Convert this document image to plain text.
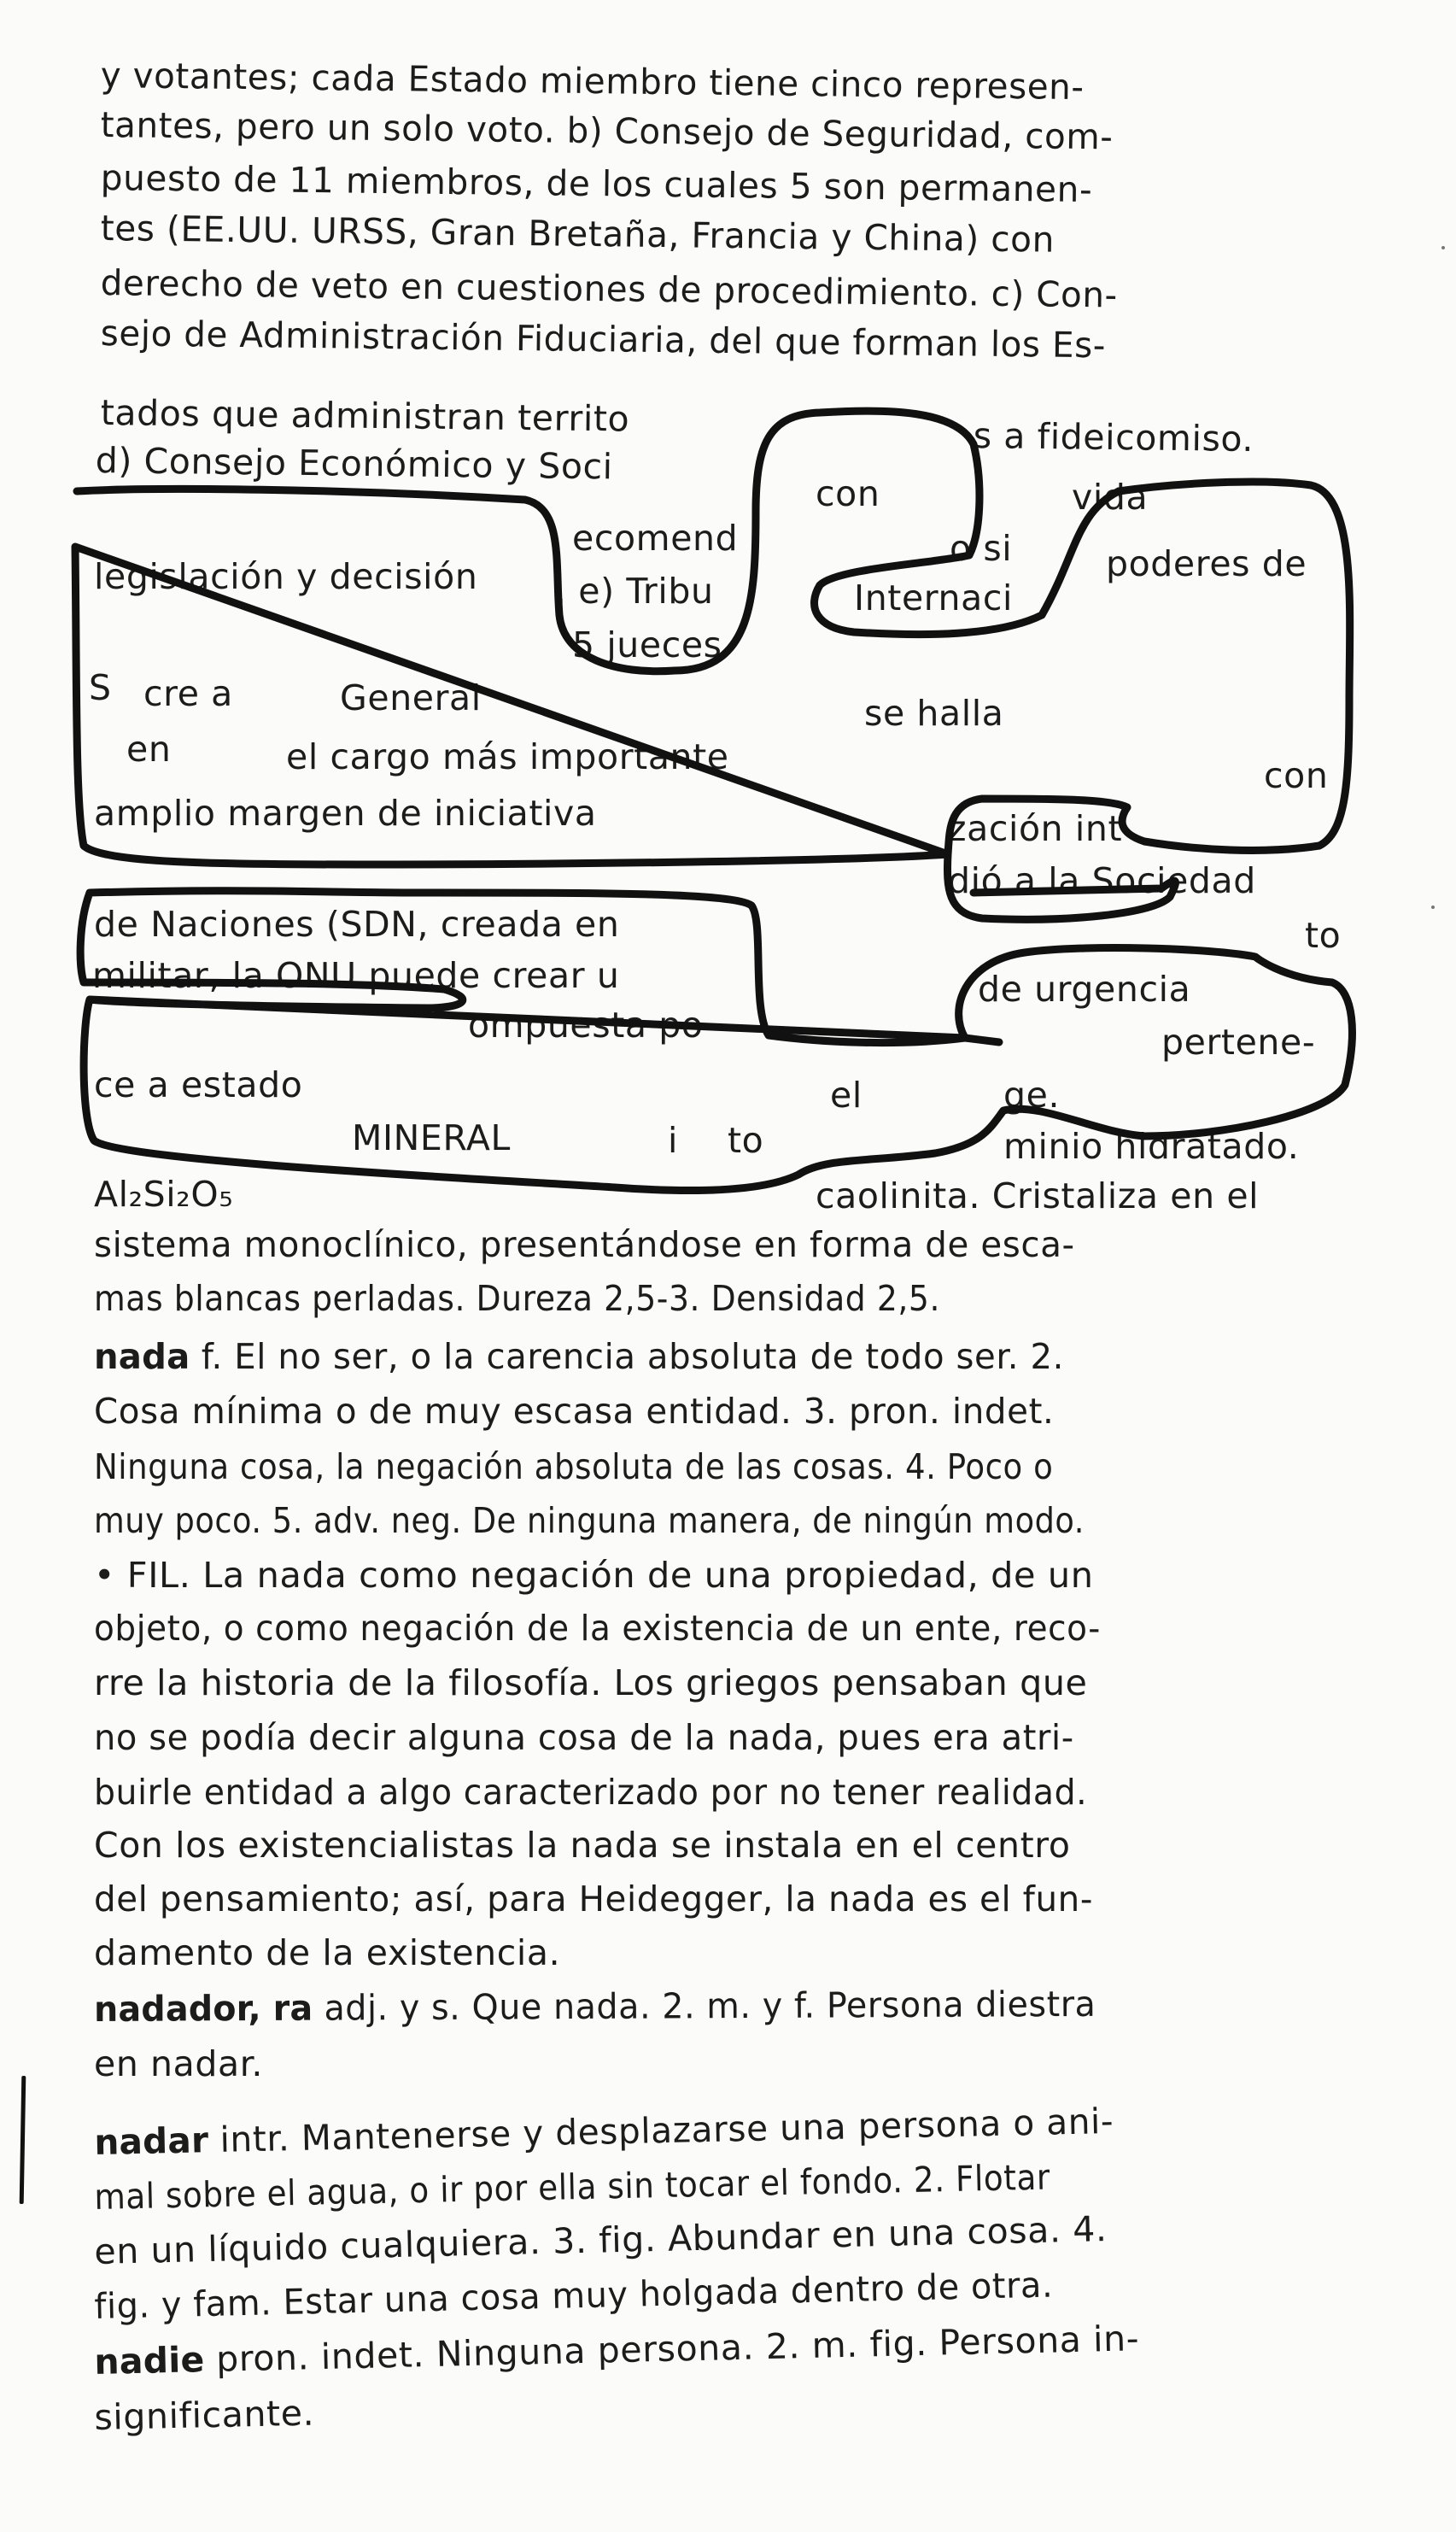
y votantes; cada Estado miembro tiene cinco represen-
tantes, pero un solo voto. b) Consejo de Seguridad, com-
puesto de 11 miembros, de los cuales 5 son permanen-
tes (EE.UU. URSS, Gran Bretaña, Francia y China) con
derecho de veto en cuestiones de procedimiento. c) Con-
sejo de Administración Fiduciaria, del que forman los Es-
tados que administran territo
d) Consejo Económico y Soci
s a fideicomiso.
con	vida
ecomend	o si	poderes de
legislación y decisión . e) Tribu	Internaci
5 jueces
S cre a	General	se halla
en	el cargo más importante	con
amplio margen de iniciativa	zación int
dió a la Sociedad
de Naciones (SDN, creada en	to
militar, la ONU puede crear u	de urgencia
ompuesta po	pertene-
ce a estado	el	ge.
MINERAL	i to	minio hidratado.
Al₂Si₂O₅	caolinita. Cristaliza en el
sistema monoclínico, presentándose en forma de esca-
mas blancas perladas. Dureza 2,5-3. Densidad 2,5.
nada f. El no ser, o la carencia absoluta de todo ser. 2.
Cosa mínima o de muy escasa entidad. 3. pron. indet.
Ninguna cosa, la negación absoluta de las cosas. 4. Poco o
muy poco. 5. adv. neg. De ninguna manera, de ningún modo.
• FIL. La nada como negación de una propiedad, de un
objeto, o como negación de la existencia de un ente, reco-
rre la historia de la filosofía. Los griegos pensaban que
no se podía decir alguna cosa de la nada, pues era atri-
buirle entidad a algo caracterizado por no tener realidad.
Con los existencialistas la nada se instala en el centro
del pensamiento; así, para Heidegger, la nada es el fun-
damento de la existencia.
nadador, ra adj. y s. Que nada. 2. m. y f. Persona diestra
en nadar.
nadar intr. Mantenerse y desplazarse una persona o ani-
mal sobre el agua, o ir por ella sin tocar el fondo. 2. Flotar
en un líquido cualquiera. 3. fig. Abundar en una cosa. 4.
fig. y fam. Estar una cosa muy holgada dentro de otra.
nadie pron. indet. Ninguna persona. 2. m. fig. Persona in-
significante.
